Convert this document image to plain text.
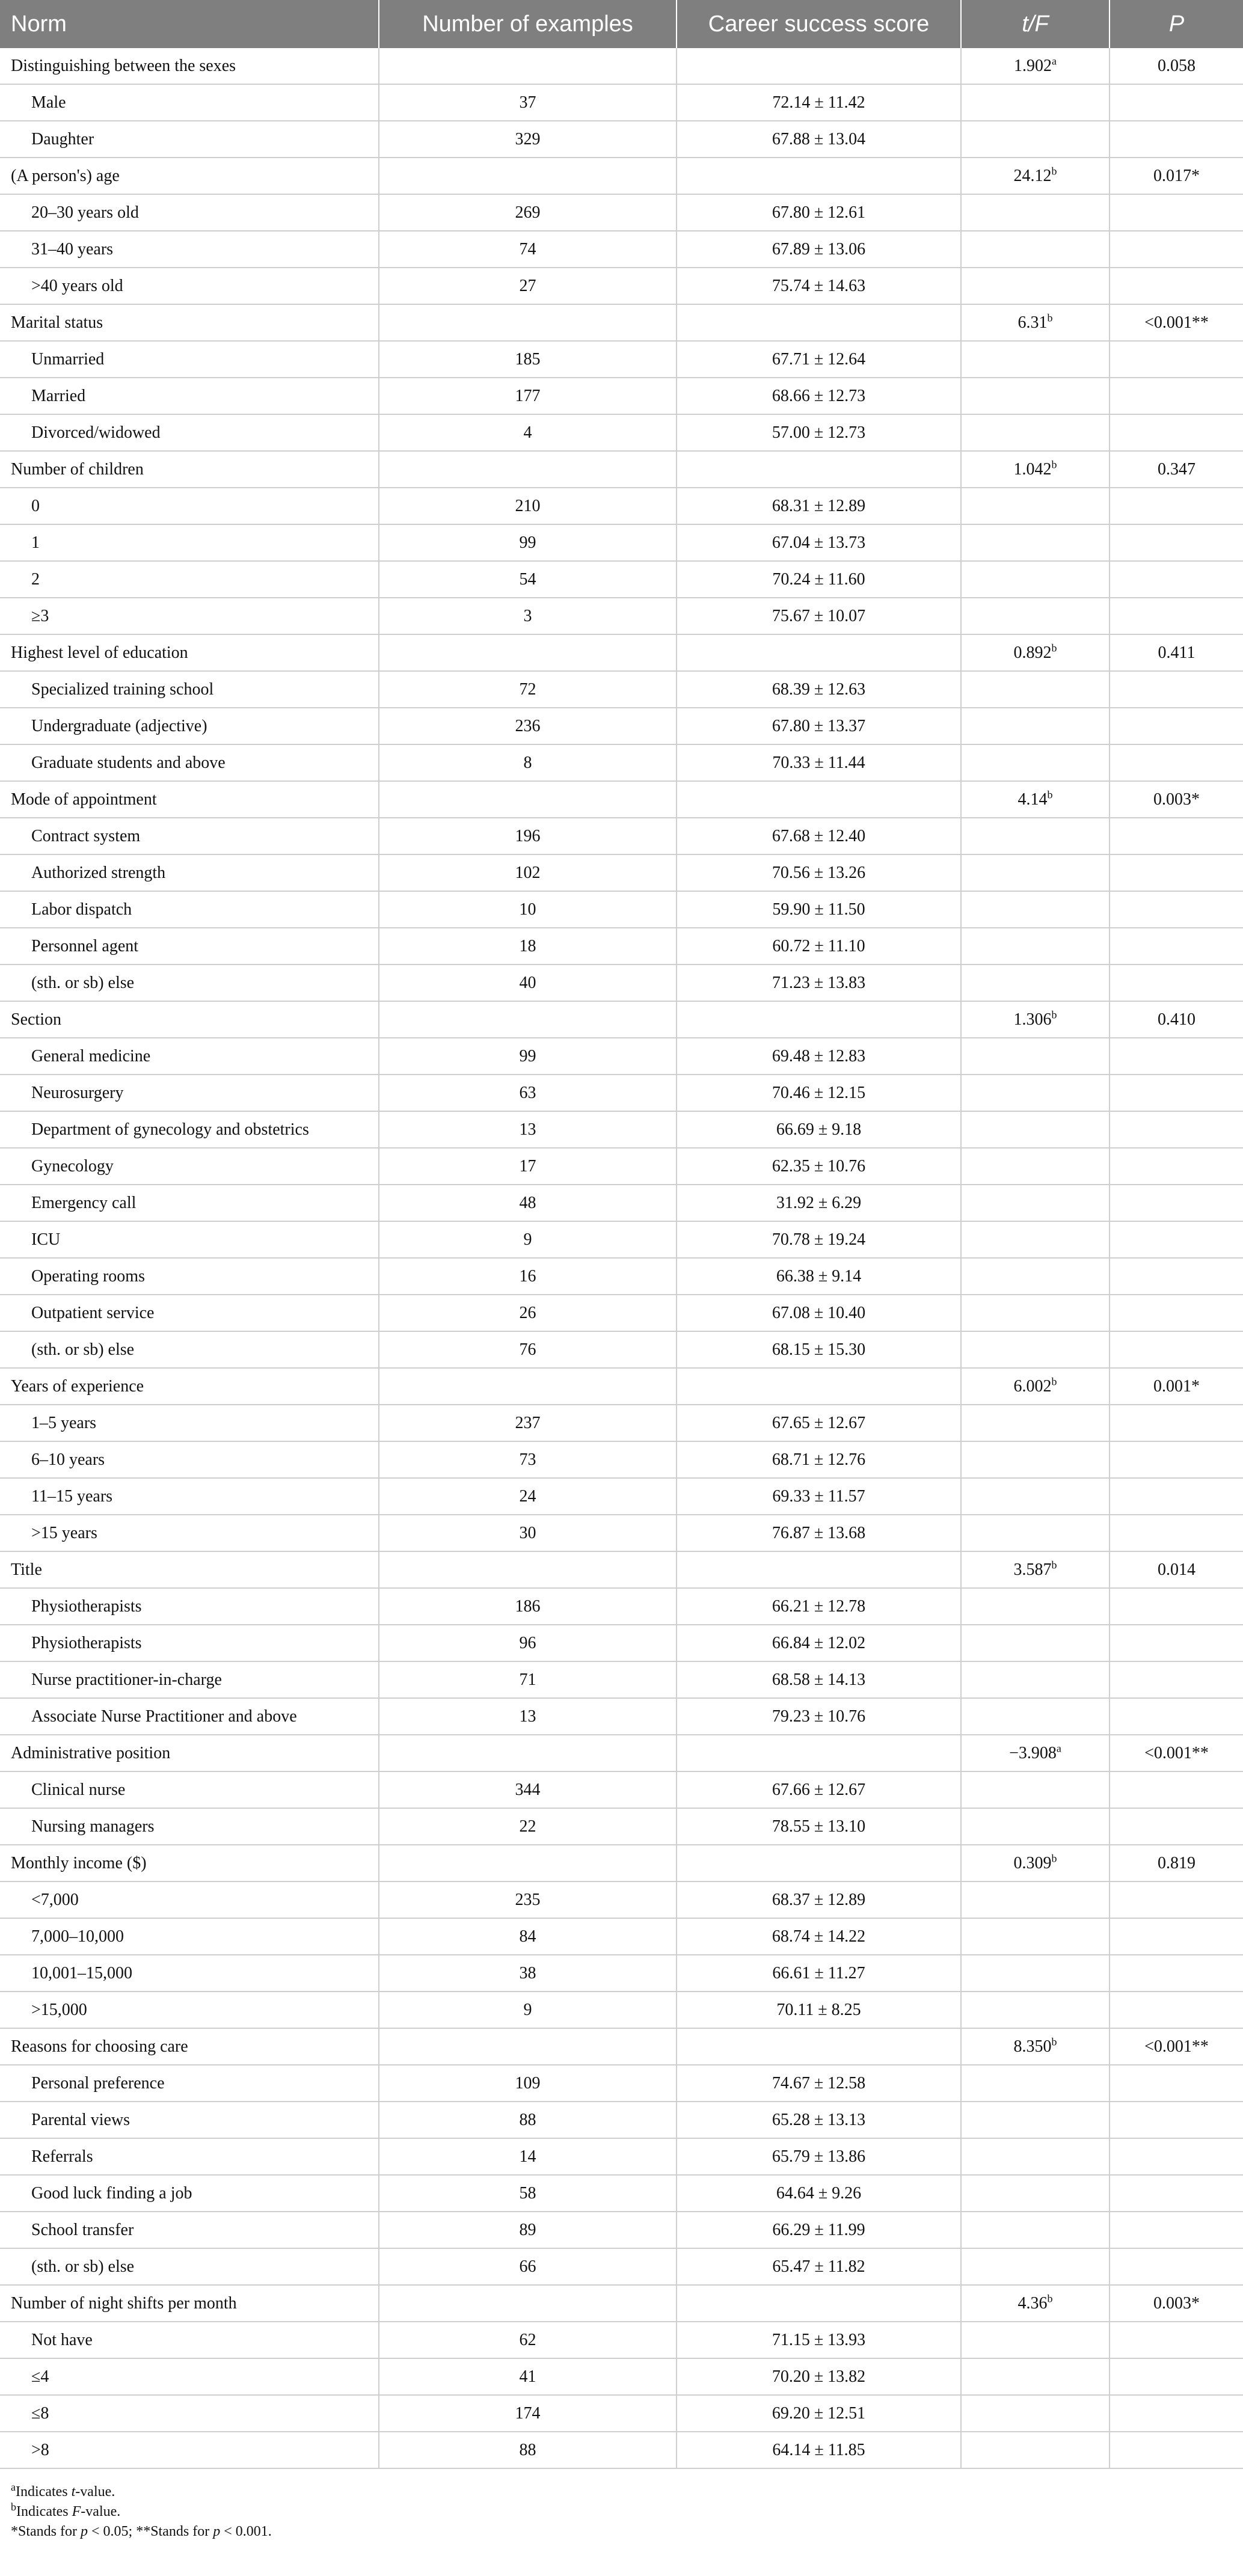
Norm	Number of examples	Career success score	t/F	P
Distinguishing between the sexes			1.902$^a$	0.058
Male	37	72.14 ± 11.42		
Daughter	329	67.88 ± 13.04		
(A person's) age			24.12$^b$	0.017*
20–30 years old	269	67.80 ± 12.61		
31–40 years	74	67.89 ± 13.06		
>40 years old	27	75.74 ± 14.63		
Marital status			6.31$^b$	<0.001**
Unmarried	185	67.71 ± 12.64		
Married	177	68.66 ± 12.73		
Divorced/widowed	4	57.00 ± 12.73		
Number of children			1.042$^b$	0.347
0	210	68.31 ± 12.89		
1	99	67.04 ± 13.73		
2	54	70.24 ± 11.60		
≥3	3	75.67 ± 10.07		
Highest level of education			0.892$^b$	0.411
Specialized training school	72	68.39 ± 12.63		
Undergraduate (adjective)	236	67.80 ± 13.37		
Graduate students and above	8	70.33 ± 11.44		
Mode of appointment			4.14$^b$	0.003*
Contract system	196	67.68 ± 12.40		
Authorized strength	102	70.56 ± 13.26		
Labor dispatch	10	59.90 ± 11.50		
Personnel agent	18	60.72 ± 11.10		
(sth. or sb) else	40	71.23 ± 13.83		
Section			1.306$^b$	0.410
General medicine	99	69.48 ± 12.83		
Neurosurgery	63	70.46 ± 12.15		
Department of gynecology and obstetrics	13	66.69 ± 9.18		
Gynecology	17	62.35 ± 10.76		
Emergency call	48	31.92 ± 6.29		
ICU	9	70.78 ± 19.24		
Operating rooms	16	66.38 ± 9.14		
Outpatient service	26	67.08 ± 10.40		
(sth. or sb) else	76	68.15 ± 15.30		
Years of experience			6.002$^b$	0.001*
1–5 years	237	67.65 ± 12.67		
6–10 years	73	68.71 ± 12.76		
11–15 years	24	69.33 ± 11.57		
>15 years	30	76.87 ± 13.68		
Title			3.587$^b$	0.014
Physiotherapists	186	66.21 ± 12.78		
Physiotherapists	96	66.84 ± 12.02		
Nurse practitioner-in-charge	71	68.58 ± 14.13		
Associate Nurse Practitioner and above	13	79.23 ± 10.76		
Administrative position			−3.908$^a$	<0.001**
Clinical nurse	344	67.66 ± 12.67		
Nursing managers	22	78.55 ± 13.10		
Monthly income ($)			0.309$^b$	0.819
<7,000	235	68.37 ± 12.89		
7,000–10,000	84	68.74 ± 14.22		
10,001–15,000	38	66.61 ± 11.27		
>15,000	9	70.11 ± 8.25		
Reasons for choosing care			8.350$^b$	<0.001**
Personal preference	109	74.67 ± 12.58		
Parental views	88	65.28 ± 13.13		
Referrals	14	65.79 ± 13.86		
Good luck finding a job	58	64.64 ± 9.26		
School transfer	89	66.29 ± 11.99		
(sth. or sb) else	66	65.47 ± 11.82		
Number of night shifts per month			4.36$^b$	0.003*
Not have	62	71.15 ± 13.93		
≤4	41	70.20 ± 13.82		
≤8	174	69.20 ± 12.51		
>8	88	64.14 ± 11.85		
$^a$Indicates t-value.
$^b$Indicates F-value.
*Stands for p < 0.05; **Stands for p < 0.001.
